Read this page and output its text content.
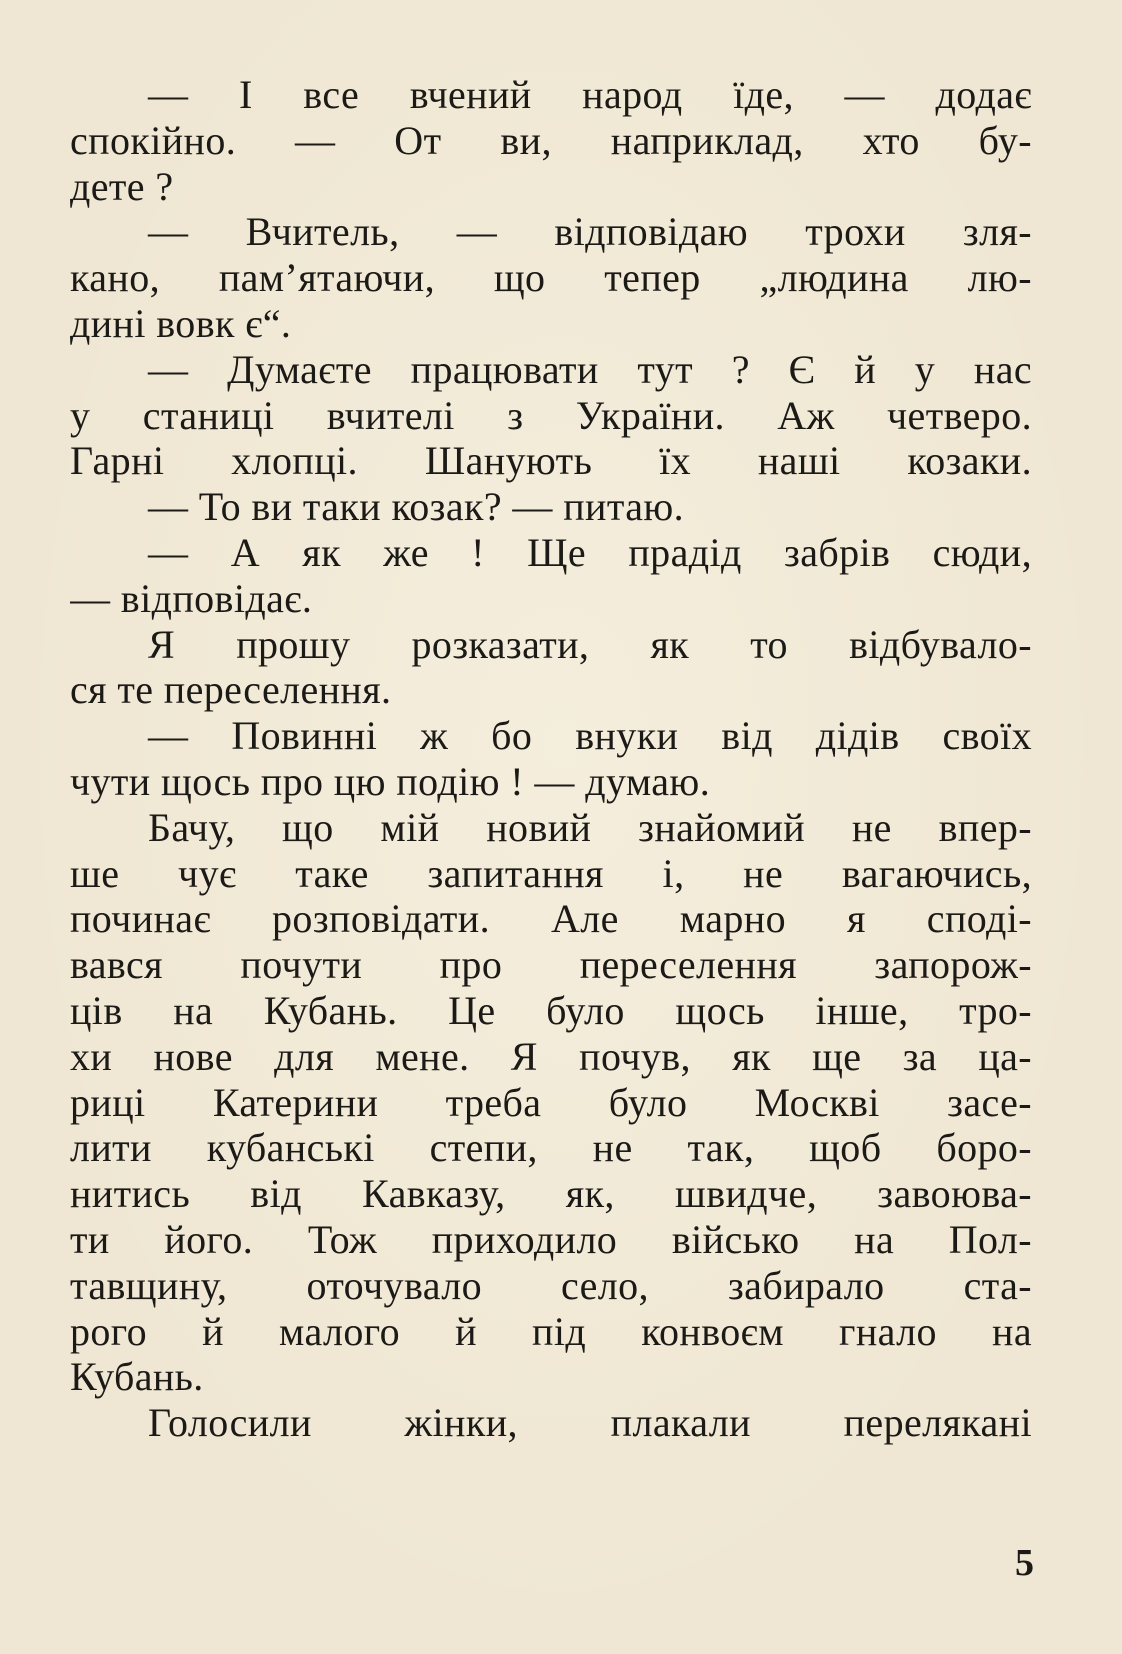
— І все вчений народ їде, — додає
спокійно. — От ви, наприклад, хто бу-
дете ?
— Вчитель, — відповідаю трохи зля-
кано, пам’ятаючи, що тепер „людина лю-
дині вовк є“.
— Думаєте працювати тут ? Є й у нас
у станиці вчителі з України. Аж четверо.
Гарні хлопці. Шанують їх наші козаки.
— То ви таки козак? — питаю.
— А як же ! Ще прадід забрів сюди,
— відповідає.
Я прошу розказати, як то відбувало-
ся те переселення.
— Повинні ж бо внуки від дідів своїх
чути щось про цю подію ! — думаю.
Бачу, що мій новий знайомий не впер-
ше чує таке запитання і, не вагаючись,
починає розповідати. Але марно я сподi-
вався почути про переселення запорож-
ців на Кубань. Це було щось інше, тро-
хи нове для мене. Я почув, як ще за ца-
риці Катерини треба було Москві засе-
лити кубанські степи, не так, щоб боро-
нитись від Кавказу, як, швидче, завоюва-
ти його. Тож приходило військо на Пол-
тавщину, оточувало село, забирало ста-
рого й малого й під конвоєм гнало на
Кубань.
Голосили жінки, плакали перелякані
5
